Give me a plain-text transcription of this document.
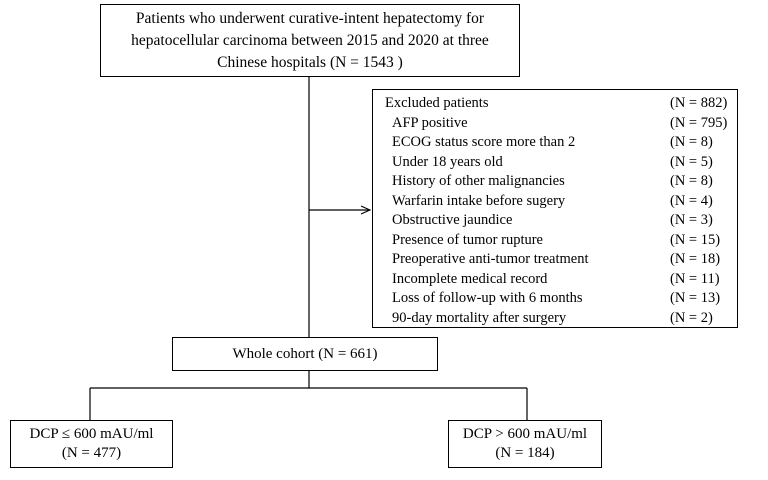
Patients who underwent curative-intent hepatectomy for
hepatocellular carcinoma between 2015 and 2020 at three
Chinese hospitals (N = 1543 )
Excluded patients	(N = 882)
AFP positive	(N = 795)
ECOG status score more than 2	(N = 8)
Under 18 years old	(N = 5)
History of other malignancies	(N = 8)
Warfarin intake before sugery	(N = 4)
Obstructive jaundice	(N = 3)
Presence of tumor rupture	(N = 15)
Preoperative anti-tumor treatment	(N = 18)
Incomplete medical record	(N = 11)
Loss of follow-up with 6 months	(N = 13)
90-day mortality after surgery	(N = 2)
Whole cohort (N = 661)
DCP ≤ 600 mAU/ml
(N = 477)
DCP > 600 mAU/ml
(N = 184)
